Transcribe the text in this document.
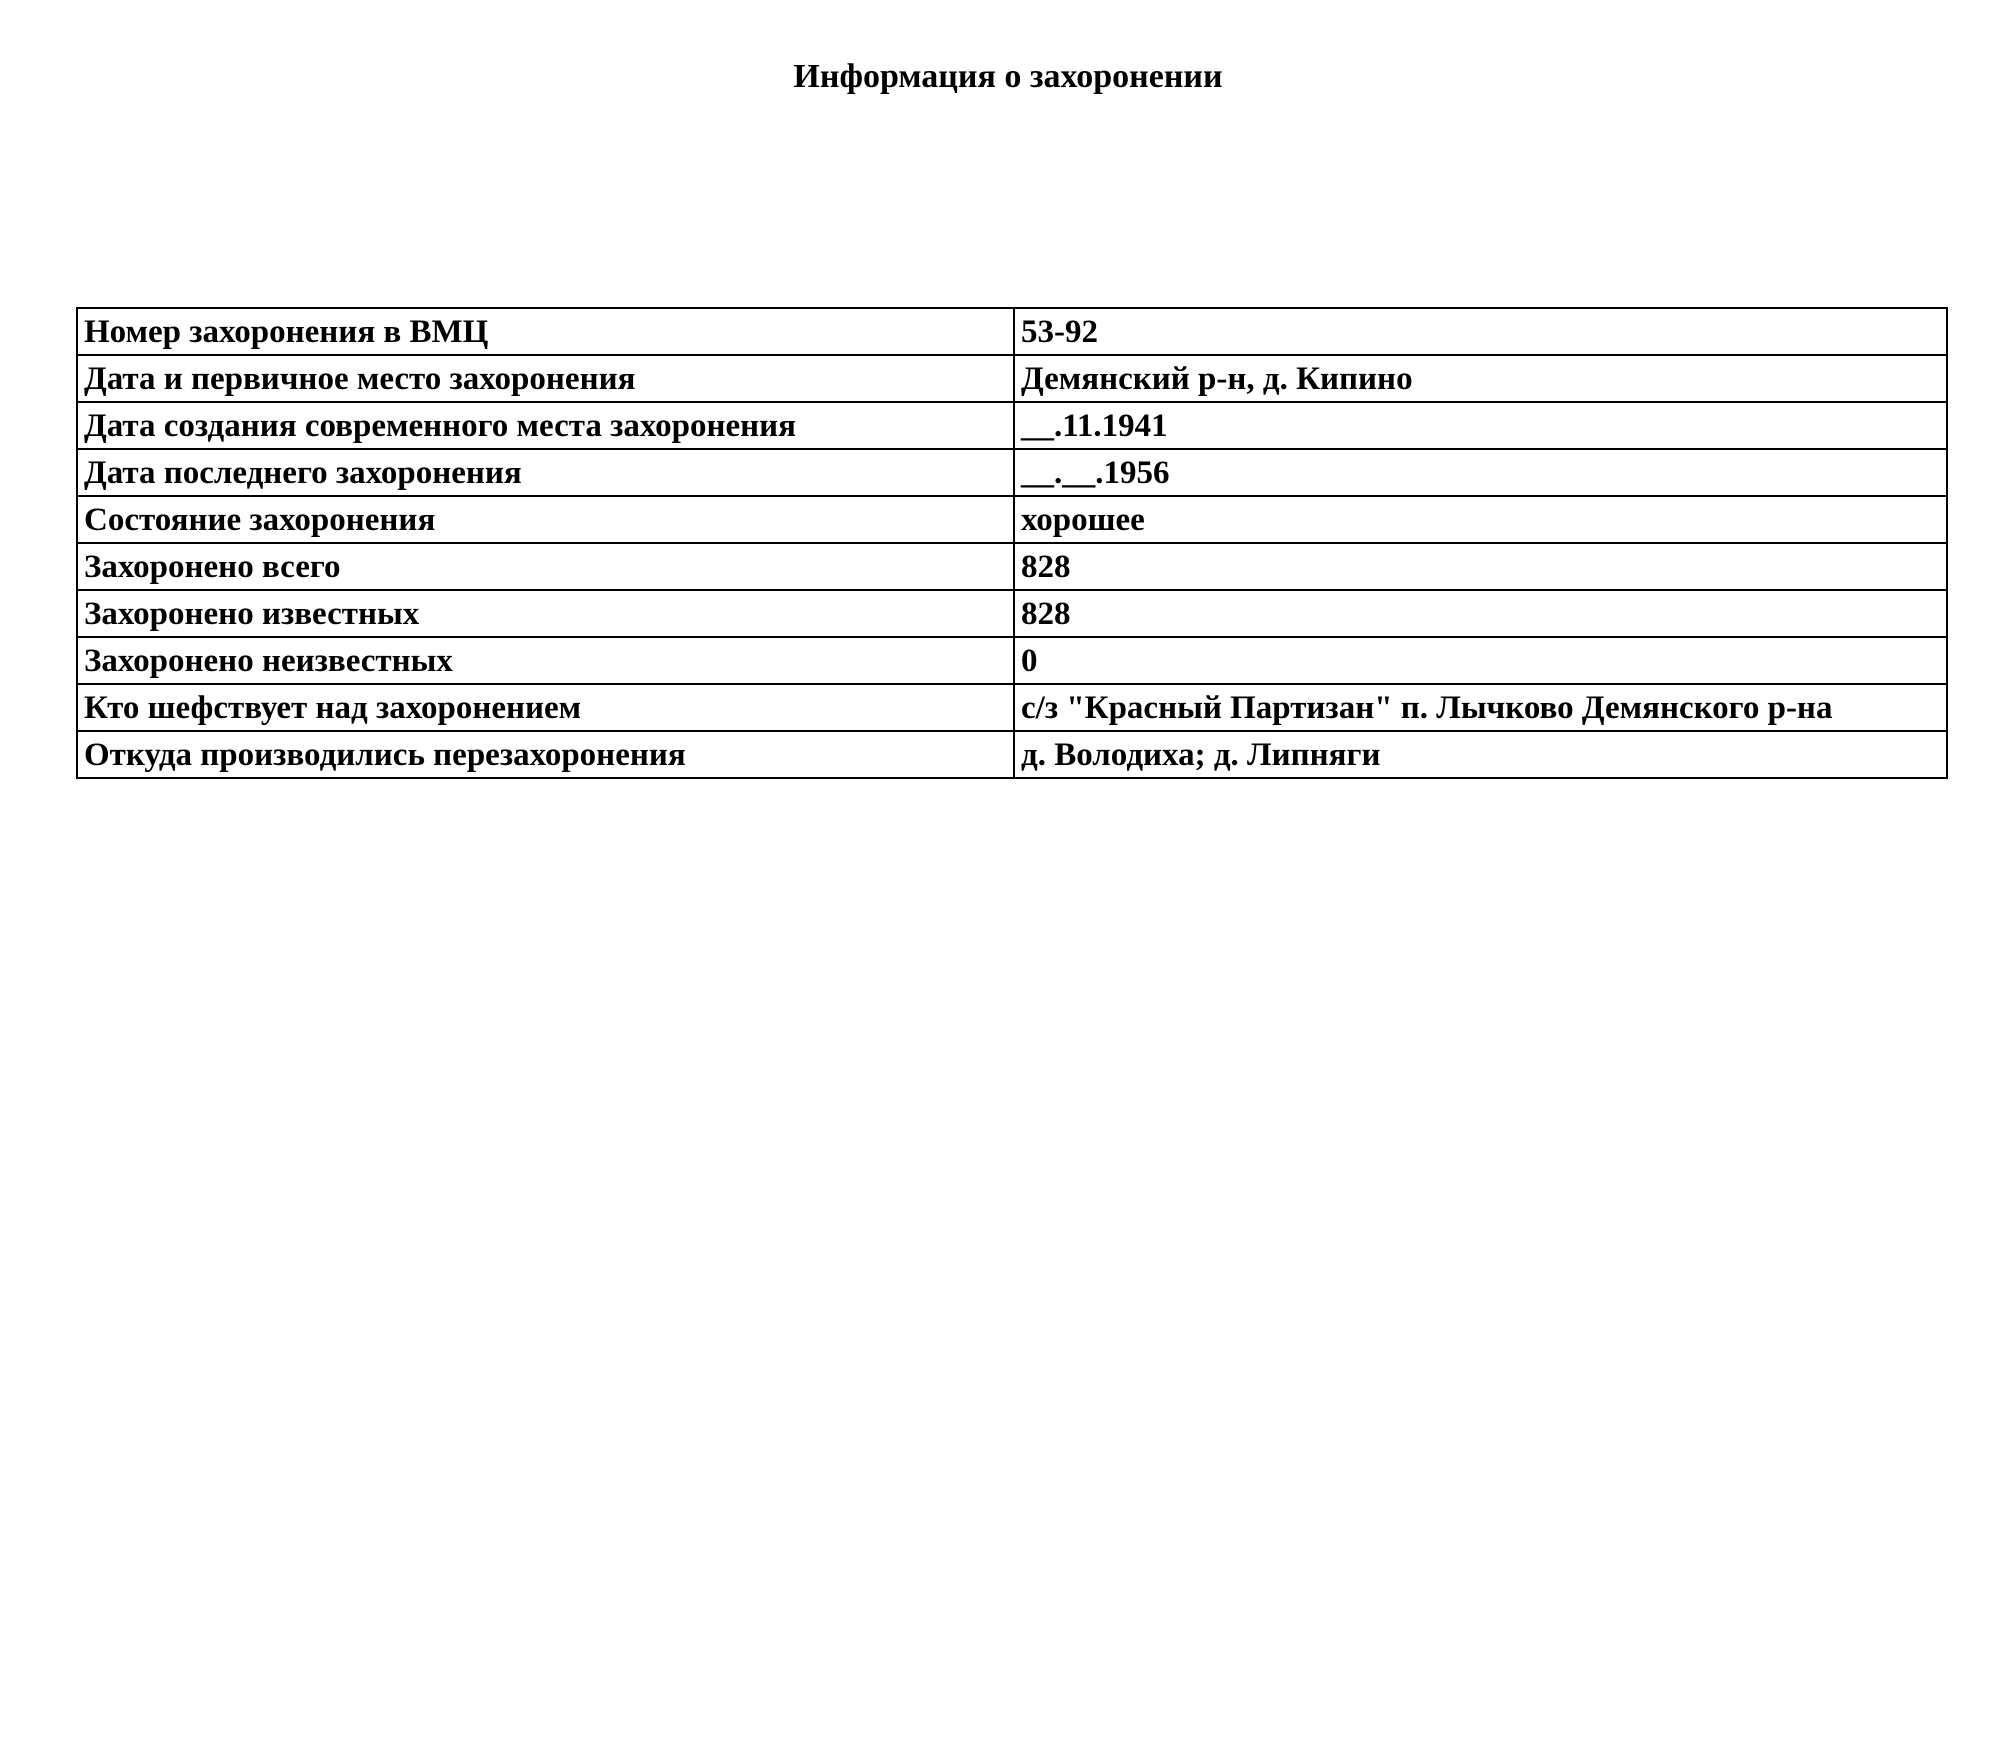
Информация о захоронении
Номер захоронения в ВМЦ	53-92
Дата и первичное место захоронения	Демянский р-н, д. Кипино
Дата создания современного места захоронения	__.11.1941
Дата последнего захоронения	__.__.1956
Состояние захоронения	хорошее
Захоронено всего	828
Захоронено известных	828
Захоронено неизвестных	0
Кто шефствует над захоронением	с/з "Красный Партизан" п. Лычково Демянского р-на
Откуда производились перезахоронения	д. Володиха; д. Липняги
